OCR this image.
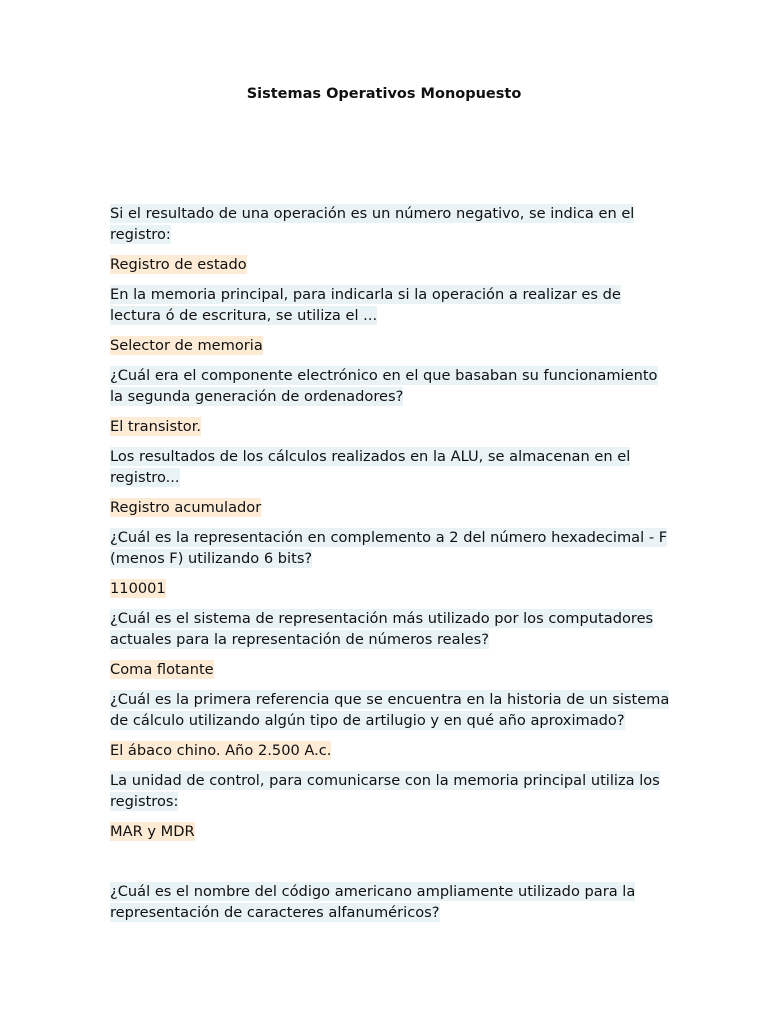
Sistemas Operativos Monopuesto

Si el resultado de una operación es un número negativo, se indica en el registro:

Registro de estado

En la memoria principal, para indicarla si la operación a realizar es de lectura ó de escritura, se utiliza el ...

Selector de memoria

¿Cuál era el componente electrónico en el que basaban su funcionamiento la segunda generación de ordenadores?

El transistor.

Los resultados de los cálculos realizados en la ALU, se almacenan en el registro...

Registro acumulador

¿Cuál es la representación en complemento a 2 del número hexadecimal - F (menos F) utilizando 6 bits?

110001

¿Cuál es el sistema de representación más utilizado por los computadores actuales para la representación de números reales?

Coma flotante

¿Cuál es la primera referencia que se encuentra en la historia de un sistema de cálculo utilizando algún tipo de artilugio y en qué año aproximado?

El ábaco chino. Año 2.500 A.c.

La unidad de control, para comunicarse con la memoria principal utiliza los registros:

MAR y MDR

¿Cuál es el nombre del código americano ampliamente utilizado para la representación de caracteres alfanuméricos?
